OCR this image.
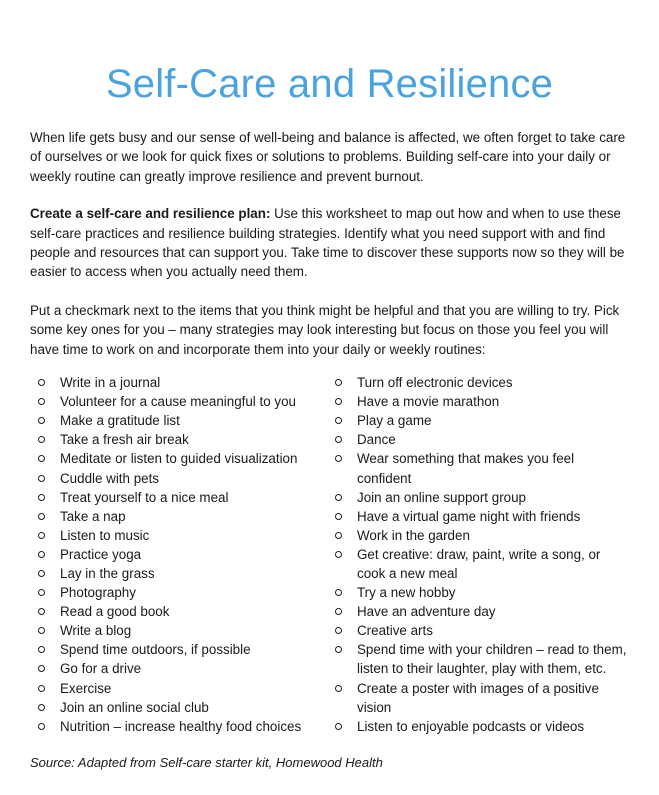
Self-Care and Resilience

When life gets busy and our sense of well-being and balance is affected, we often forget to take care of ourselves or we look for quick fixes or solutions to problems. Building self-care into your daily or weekly routine can greatly improve resilience and prevent burnout.

Create a self-care and resilience plan: Use this worksheet to map out how and when to use these self-care practices and resilience building strategies. Identify what you need support with and find people and resources that can support you. Take time to discover these supports now so they will be easier to access when you actually need them.

Put a checkmark next to the items that you think might be helpful and that you are willing to try. Pick some key ones for you – many strategies may look interesting but focus on those you feel you will have time to work on and incorporate them into your daily or weekly routines:

Write in a journal
Volunteer for a cause meaningful to you
Make a gratitude list
Take a fresh air break
Meditate or listen to guided visualization
Cuddle with pets
Treat yourself to a nice meal
Take a nap
Listen to music
Practice yoga
Lay in the grass
Photography
Read a good book
Write a blog
Spend time outdoors, if possible
Go for a drive
Exercise
Join an online social club
Nutrition – increase healthy food choices
Turn off electronic devices
Have a movie marathon
Play a game
Dance
Wear something that makes you feel confident
Join an online support group
Have a virtual game night with friends
Work in the garden
Get creative: draw, paint, write a song, or cook a new meal
Try a new hobby
Have an adventure day
Creative arts
Spend time with your children – read to them, listen to their laughter, play with them, etc.
Create a poster with images of a positive vision
Listen to enjoyable podcasts or videos

Source: Adapted from Self-care starter kit, Homewood Health
